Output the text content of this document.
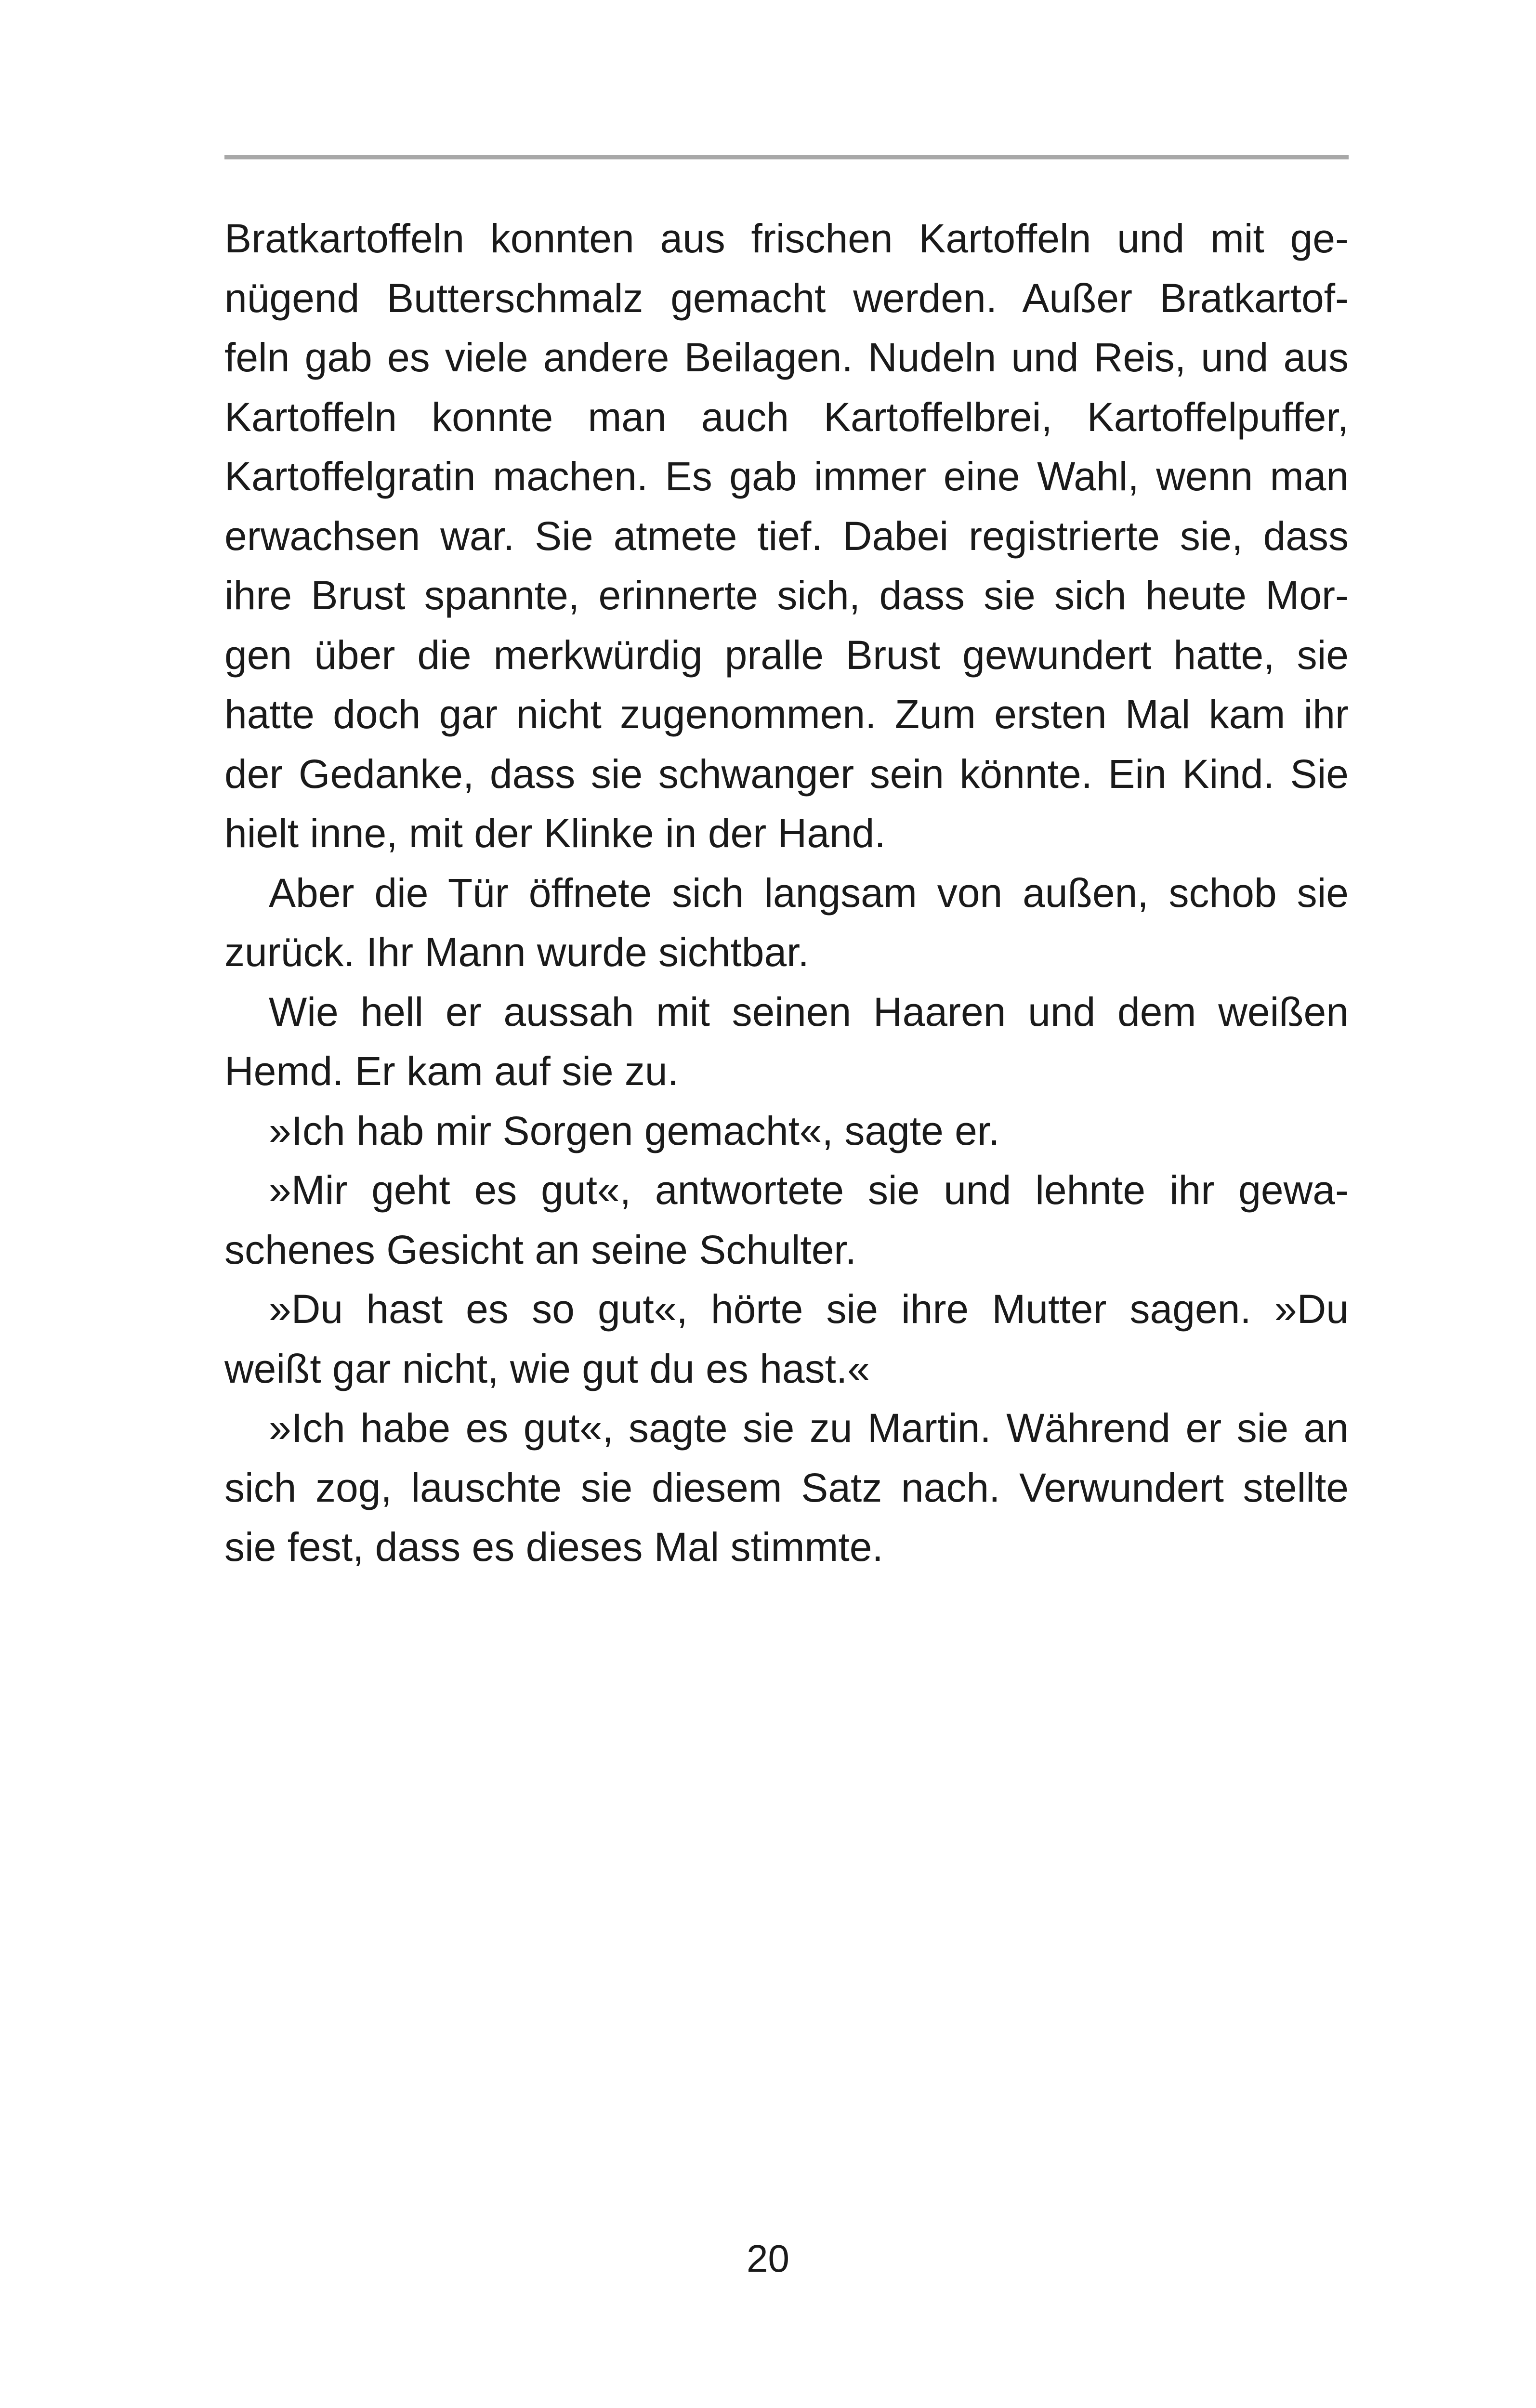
Bratkartoffeln konnten aus frischen Kartoffeln und mit ge-
nügend Butterschmalz gemacht werden. Außer Bratkartof-
feln gab es viele andere Beilagen. Nudeln und Reis, und aus
Kartoffeln konnte man auch Kartoffelbrei, Kartoffelpuffer,
Kartoffelgratin machen. Es gab immer eine Wahl, wenn man
erwachsen war. Sie atmete tief. Dabei registrierte sie, dass
ihre Brust spannte, erinnerte sich, dass sie sich heute Mor-
gen über die merkwürdig pralle Brust gewundert hatte, sie
hatte doch gar nicht zugenommen. Zum ersten Mal kam ihr
der Gedanke, dass sie schwanger sein könnte. Ein Kind. Sie
hielt inne, mit der Klinke in der Hand.
Aber die Tür öffnete sich langsam von außen, schob sie
zurück. Ihr Mann wurde sichtbar.
Wie hell er aussah mit seinen Haaren und dem weißen
Hemd. Er kam auf sie zu.
»Ich hab mir Sorgen gemacht«, sagte er.
»Mir geht es gut«, antwortete sie und lehnte ihr gewa-
schenes Gesicht an seine Schulter.
»Du hast es so gut«, hörte sie ihre Mutter sagen. »Du
weißt gar nicht, wie gut du es hast.«
»Ich habe es gut«, sagte sie zu Martin. Während er sie an
sich zog, lauschte sie diesem Satz nach. Verwundert stellte
sie fest, dass es dieses Mal stimmte.
20
